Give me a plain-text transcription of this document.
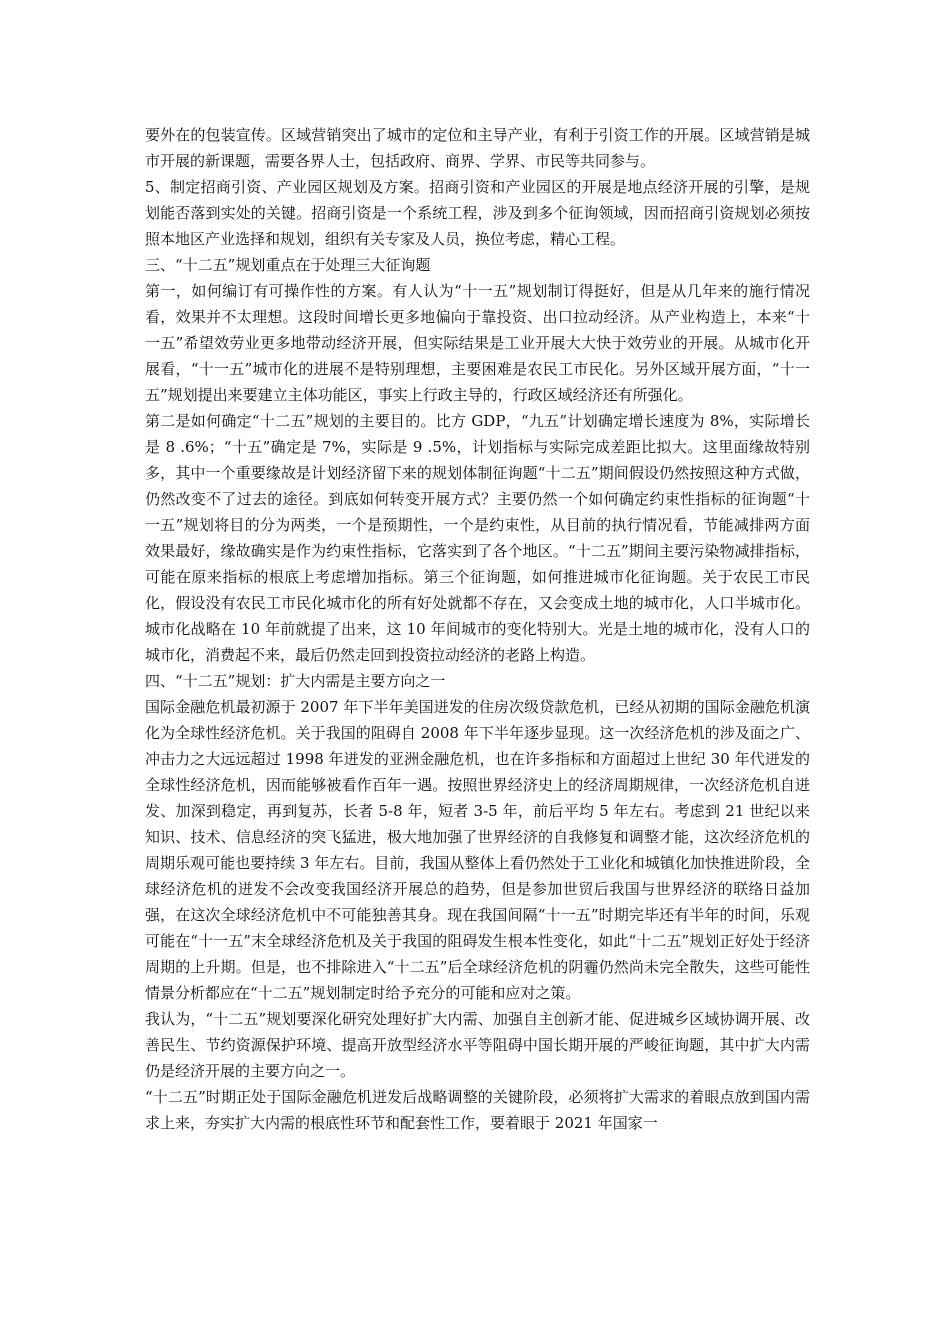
要外在的包装宣传。区域营销突出了城市的定位和主导产业，有利于引资工作的开展。区域营销是城市开展的新课题，需要各界人士，包括政府、商界、学界、市民等共同参与。

5、制定招商引资、产业园区规划及方案。招商引资和产业园区的开展是地点经济开展的引擎，是规划能否落到实处的关键。招商引资是一个系统工程，涉及到多个征询领域，因而招商引资规划必须按照本地区产业选择和规划，组织有关专家及人员，换位考虑，精心工程。

三、“十二五”规划重点在于处理三大征询题

第一，如何编订有可操作性的方案。有人认为“十一五”规划制订得挺好，但是从几年来的施行情况看，效果并不太理想。这段时间增长更多地偏向于靠投资、出口拉动经济。从产业构造上，本来“十一五”希望效劳业更多地带动经济开展，但实际结果是工业开展大大快于效劳业的开展。从城市化开展看，“十一五”城市化的进展不是特别理想，主要困难是农民工市民化。另外区域开展方面，“十一五”规划提出来要建立主体功能区，事实上行政主导的，行政区域经济还有所强化。

第二是如何确定“十二五”规划的主要目的。比方 GDP，“九五”计划确定增长速度为 8%，实际增长是 8 .6%；“十五”确定是 7%，实际是 9 .5%，计划指标与实际完成差距比拟大。这里面缘故特别多，其中一个重要缘故是计划经济留下来的规划体制征询题“十二五”期间假设仍然按照这种方式做，仍然改变不了过去的途径。到底如何转变开展方式？主要仍然一个如何确定约束性指标的征询题“十一五”规划将目的分为两类，一个是预期性，一个是约束性，从目前的执行情况看，节能减排两方面效果最好，缘故确实是作为约束性指标，它落实到了各个地区。“十二五”期间主要污染物减排指标，可能在原来指标的根底上考虑增加指标。第三个征询题，如何推进城市化征询题。关于农民工市民化，假设没有农民工市民化城市化的所有好处就都不存在，又会变成土地的城市化，人口半城市化。城市化战略在 10 年前就提了出来，这 10 年间城市的变化特别大。光是土地的城市化，没有人口的城市化，消费起不来，最后仍然走回到投资拉动经济的老路上构造。

四、“十二五”规划：扩大内需是主要方向之一

国际金融危机最初源于 2007 年下半年美国迸发的住房次级贷款危机，已经从初期的国际金融危机演化为全球性经济危机。关于我国的阻碍自 2008 年下半年逐步显现。这一次经济危机的涉及面之广、冲击力之大远远超过 1998 年迸发的亚洲金融危机，也在许多指标和方面超过上世纪 30 年代迸发的全球性经济危机，因而能够被看作百年一遇。按照世界经济史上的经济周期规律，一次经济危机自迸发、加深到稳定，再到复苏，长者 5-8 年，短者 3-5 年，前后平均 5 年左右。考虑到 21 世纪以来知识、技术、信息经济的突飞猛进，极大地加强了世界经济的自我修复和调整才能，这次经济危机的周期乐观可能也要持续 3 年左右。目前，我国从整体上看仍然处于工业化和城镇化加快推进阶段，全球经济危机的迸发不会改变我国经济开展总的趋势，但是参加世贸后我国与世界经济的联络日益加强，在这次全球经济危机中不可能独善其身。现在我国间隔“十一五”时期完毕还有半年的时间，乐观可能在“十一五”末全球经济危机及关于我国的阻碍发生根本性变化，如此“十二五”规划正好处于经济周期的上升期。但是，也不排除进入“十二五”后全球经济危机的阴霾仍然尚未完全散失，这些可能性情景分析都应在“十二五”规划制定时给予充分的可能和应对之策。

我认为，“十二五”规划要深化研究处理好扩大内需、加强自主创新才能、促进城乡区域协调开展、改善民生、节约资源保护环境、提高开放型经济水平等阻碍中国长期开展的严峻征询题，其中扩大内需仍是经济开展的主要方向之一。

“十二五”时期正处于国际金融危机迸发后战略调整的关键阶段，必须将扩大需求的着眼点放到国内需求上来，夯实扩大内需的根底性环节和配套性工作，要着眼于 2021 年国家一
